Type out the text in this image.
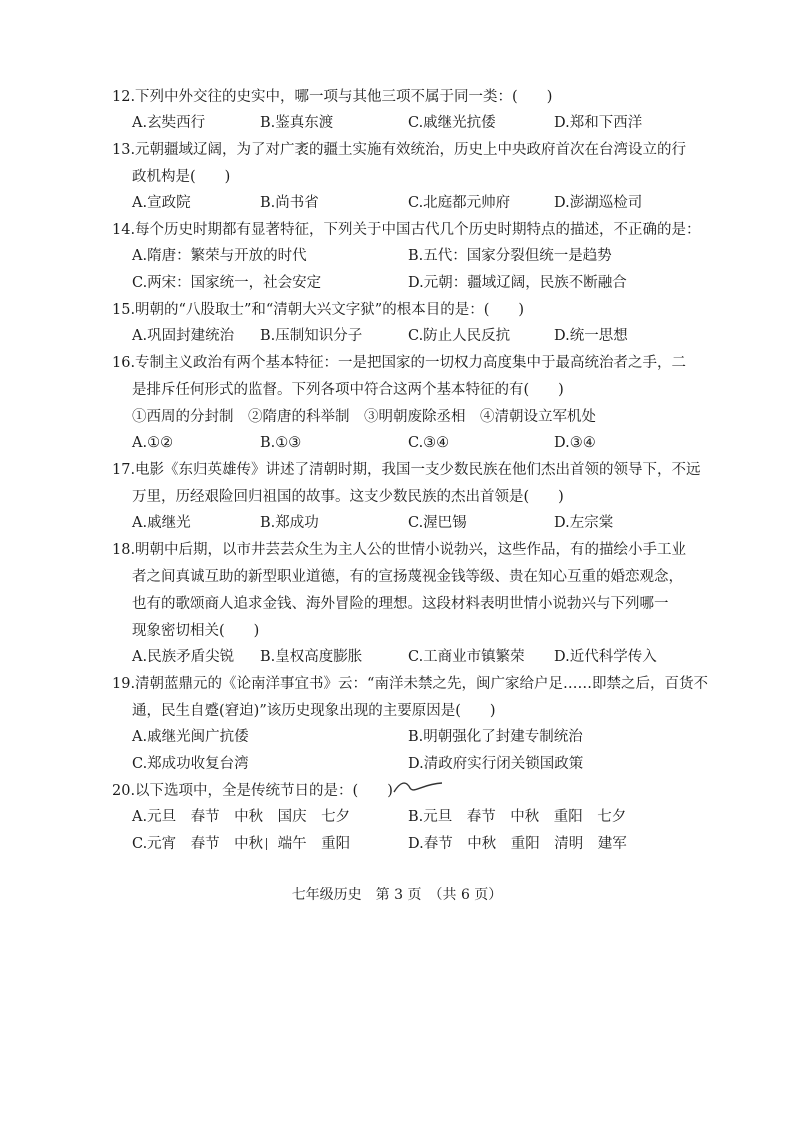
12.下列中外交往的史实中，哪一项与其他三项不属于同一类：(　　)
A.玄奘西行	B.鉴真东渡	C.戚继光抗倭	D.郑和下西洋
13.元朝疆域辽阔，为了对广袤的疆土实施有效统治，历史上中央政府首次在台湾设立的行
政机构是(　　)
A.宣政院	B.尚书省	C.北庭都元帅府	D.澎湖巡检司
14.每个历史时期都有显著特征，下列关于中国古代几个历史时期特点的描述，不正确的是：
A.隋唐：繁荣与开放的时代	B.五代：国家分裂但统一是趋势
C.两宋：国家统一，社会安定	D.元朝：疆域辽阔，民族不断融合
15.明朝的“八股取士”和“清朝大兴文字狱”的根本目的是：(　　)
A.巩固封建统治 B.压制知识分子	C.防止人民反抗	D.统一思想
16.专制主义政治有两个基本特征：一是把国家的一切权力高度集中于最高统治者之手，二
是排斥任何形式的监督。下列各项中符合这两个基本特征的有(　　)
①西周的分封制　②隋唐的科举制　③明朝废除丞相　④清朝设立军机处
A.①②	B.①③	C.③④	D.③④
17.电影《东归英雄传》讲述了清朝时期，我国一支少数民族在他们杰出首领的领导下，不远
万里，历经艰险回归祖国的故事。这支少数民族的杰出首领是(　　)
A.戚继光	B.郑成功	C.渥巴锡	D.左宗棠
18.明朝中后期，以市井芸芸众生为主人公的世情小说勃兴，这些作品，有的描绘小手工业
者之间真诚互助的新型职业道德，有的宣扬蔑视金钱等级、贵在知心互重的婚恋观念，
也有的歌颂商人追求金钱、海外冒险的理想。这段材料表明世情小说勃兴与下列哪一
现象密切相关(　　)
A.民族矛盾尖锐 B.皇权高度膨胀	C.工商业市镇繁荣 D.近代科学传入
19.清朝蓝鼎元的《论南洋事宜书》云：“南洋未禁之先，闽广家给户足……即禁之后，百货不
通，民生自蹙(窘迫)”该历史现象出现的主要原因是(　　)
A.戚继光闽广抗倭	B.明朝强化了封建专制统治
C.郑成功收复台湾	D.清政府实行闭关锁国政策
20.以下选项中，全是传统节日的是：(　　)
A.元旦　春节　中秋　国庆　七夕	B.元旦　春节　中秋　重阳　七夕
C.元宵　春节　中秋　端午　重阳	D.春节　中秋　重阳　清明　建军
七年级历史　第 3 页　（共 6 页）
